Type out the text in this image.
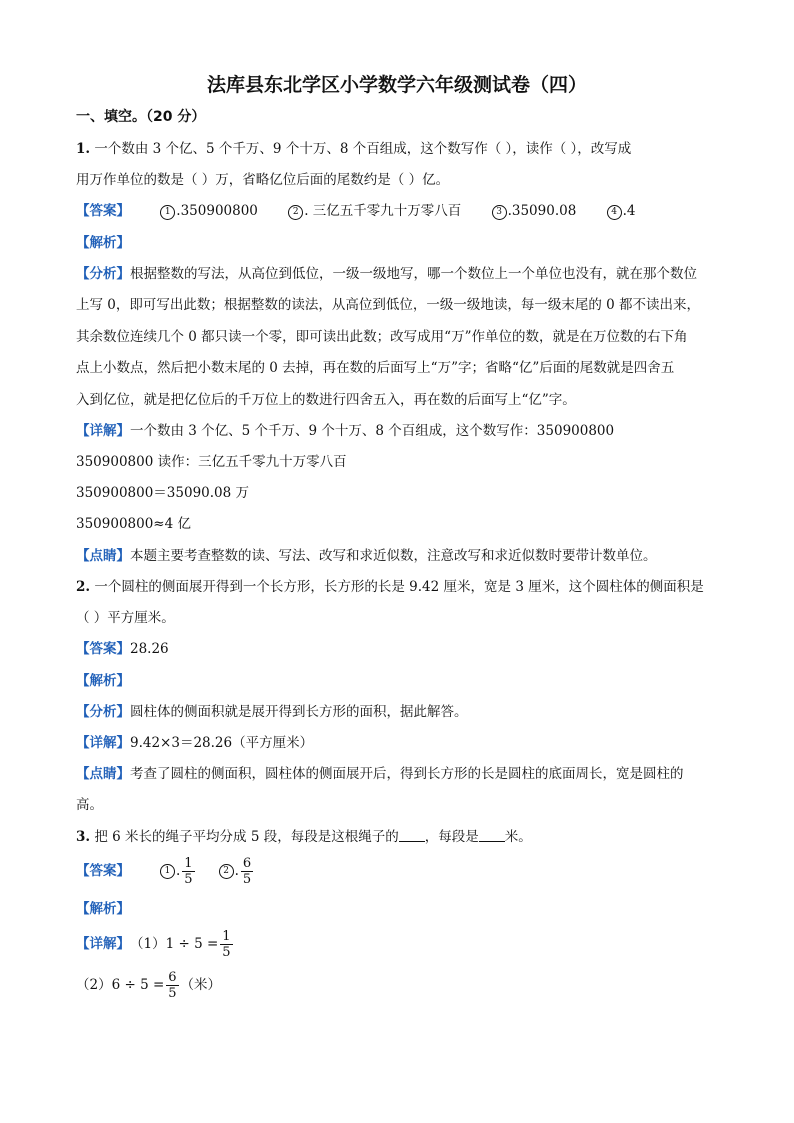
法库县东北学区小学数学六年级测试卷（四）
一、填空。（20 分）
1. 一个数由 3 个亿、5 个千万、9 个十万、8 个百组成，这个数写作（ ），读作（ ），改写成
用万作单位的数是（ ）万，省略亿位后面的尾数约是（ ）亿。
【答案】	1 .350900800	2 . 三亿五千零九十万零八百	3 .35090.08	4 .4
【解析】
【分析】根据整数的写法，从高位到低位，一级一级地写，哪一个数位上一个单位也没有，就在那个数位
上写 0，即可写出此数；根据整数的读法，从高位到低位，一级一级地读，每一级末尾的 0 都不读出来，
其余数位连续几个 0 都只读一个零，即可读出此数；改写成用“万”作单位的数，就是在万位数的右下角
点上小数点，然后把小数末尾的 0 去掉，再在数的后面写上“万”字；省略“亿”后面的尾数就是四舍五
入到亿位，就是把亿位后的千万位上的数进行四舍五入，再在数的后面写上“亿”字。
【详解】一个数由 3 个亿、5 个千万、9 个十万、8 个百组成，这个数写作：350900800
350900800 读作：三亿五千零九十万零八百
350900800＝35090.08 万
350900800≈4 亿
【点睛】本题主要考查整数的读、写法、改写和求近似数，注意改写和求近似数时要带计数单位。
2. 一个圆柱的侧面展开得到一个长方形，长方形的长是 9.42 厘米，宽是 3 厘米，这个圆柱体的侧面积是
（ ）平方厘米。
【答案】28.26
【解析】
【分析】圆柱体的侧面积就是展开得到长方形的面积，据此解答。
【详解】9.42×3＝28.26（平方厘米）
【点睛】考查了圆柱的侧面积，圆柱体的侧面展开后，得到长方形的长是圆柱的底面周长，宽是圆柱的
高。
3. 把 6 米长的绳子平均分成 5 段，每段是这根绳子的 ，每段是 米。
【答案】	1 . $\frac{1}{5}$	2 . $\frac{6}{5}$
【解析】
【详解】 $(1)1 \div 5 = \frac{1}{5}$
$(2)6 \div 5 = \frac{6}{5}$ （米）
